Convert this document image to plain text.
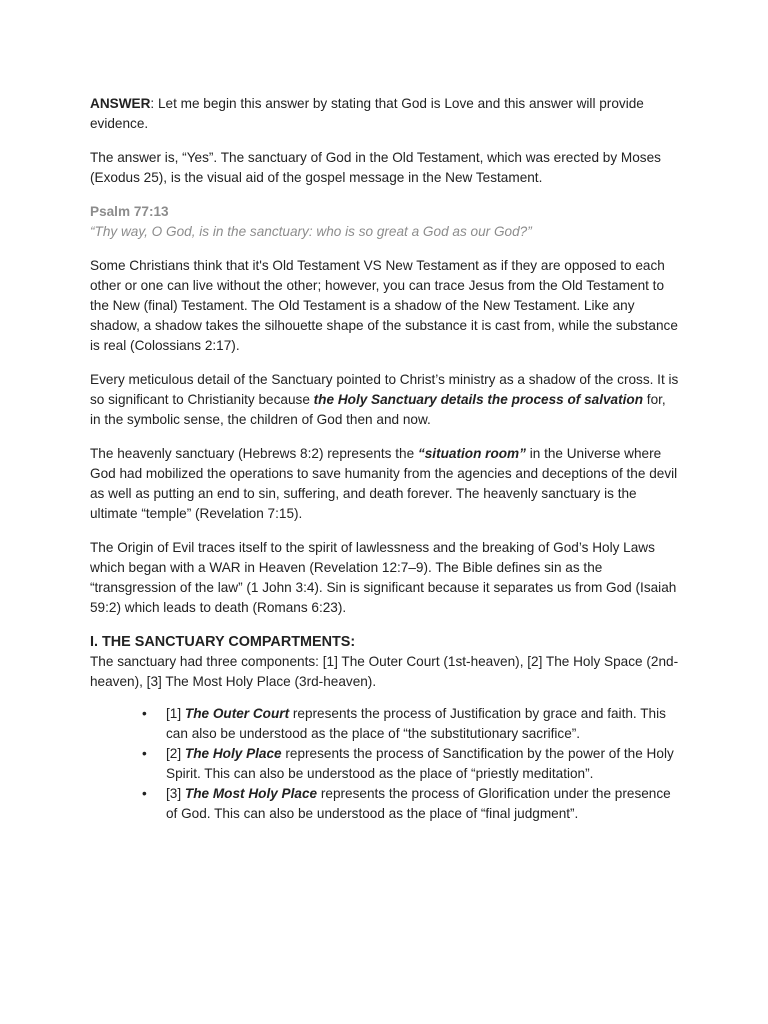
ANSWER: Let me begin this answer by stating that God is Love and this answer will provide evidence.

The answer is, “Yes”. The sanctuary of God in the Old Testament, which was erected by Moses (Exodus 25), is the visual aid of the gospel message in the New Testament.

Psalm 77:13

“Thy way, O God, is in the sanctuary: who is so great a God as our God?”

Some Christians think that it's Old Testament VS New Testament as if they are opposed to each other or one can live without the other; however, you can trace Jesus from the Old Testament to the New (final) Testament. The Old Testament is a shadow of the New Testament. Like any shadow, a shadow takes the silhouette shape of the substance it is cast from, while the substance is real (Colossians 2:17).

Every meticulous detail of the Sanctuary pointed to Christ’s ministry as a shadow of the cross. It is so significant to Christianity because the Holy Sanctuary details the process of salvation for, in the symbolic sense, the children of God then and now.

The heavenly sanctuary (Hebrews 8:2) represents the “situation room” in the Universe where God had mobilized the operations to save humanity from the agencies and deceptions of the devil as well as putting an end to sin, suffering, and death forever. The heavenly sanctuary is the ultimate “temple” (Revelation 7:15).

The Origin of Evil traces itself to the spirit of lawlessness and the breaking of God’s Holy Laws which began with a WAR in Heaven (Revelation 12:7–9). The Bible defines sin as the “transgression of the law” (1 John 3:4). Sin is significant because it separates us from God (Isaiah 59:2) which leads to death (Romans 6:23).

I. THE SANCTUARY COMPARTMENTS:
The sanctuary had three components: [1] The Outer Court (1st-heaven), [2] The Holy Space (2nd-heaven), [3] The Most Holy Place (3rd-heaven).
• [1] The Outer Court represents the process of Justification by grace and faith. This can also be understood as the place of “the substitutionary sacrifice”.
• [2] The Holy Place represents the process of Sanctification by the power of the Holy Spirit. This can also be understood as the place of “priestly meditation”.
• [3] The Most Holy Place represents the process of Glorification under the presence of God. This can also be understood as the place of “final judgment”.
